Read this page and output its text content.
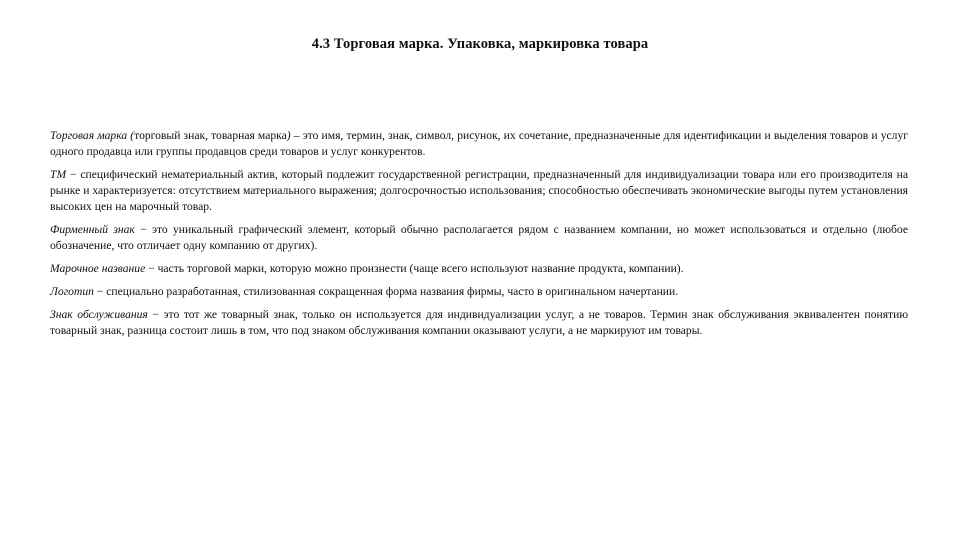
4.3 Торговая марка. Упаковка, маркировка товара

Торговая марка (торговый знак, товарная марка) – это имя, термин, знак, символ, рисунок, их сочетание, предназначенные для идентификации и выделения товаров и услуг одного продавца или группы продавцов среди товаров и услуг конкурентов.

ТМ − специфический нематериальный актив, который подлежит государственной регистрации, предназначенный для индивидуализации товара или его производителя на рынке и характеризуется: отсутствием материального выражения; долгосрочностью использования; способностью обеспечивать экономические выгоды путем установления высоких цен на марочный товар.

Фирменный знак − это уникальный графический элемент, который обычно располагается рядом с названием компании, но может использоваться и отдельно (любое обозначение, что отличает одну компанию от других).

Марочное название − часть торговой марки, которую можно произнести (чаще всего используют название продукта, компании).

Логотип − специально разработанная, стилизованная сокращенная форма названия фирмы, часто в оригинальном начертании.

Знак обслуживания − это тот же товарный знак, только он используется для индивидуализации услуг, а не товаров. Термин знак обслуживания эквивалентен понятию товарный знак, разница состоит лишь в том, что под знаком обслуживания компании оказывают услуги, а не маркируют им товары.
